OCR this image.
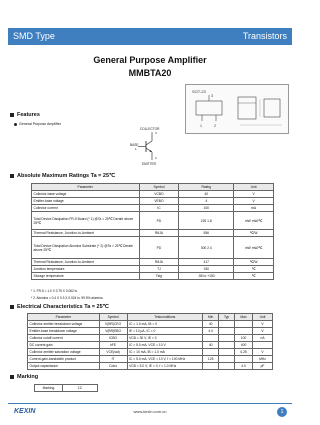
SMD Type	Transistors
General Purpose Amplifier
MMBTA20
SOT-23
1	2
3
Features
General Purpose Amplifier
COLLECTOR
3
BASE
1
2
EMITTER
Absolute Maximum Ratings Ta = 25℃
Parameter	Symbol	Rating	Unit
Collector-base voltage	VCBO	40	V
Emitter-base voltage	VEBO	4	V
Collector current	IC	100	mA
Total Device Dissipation FR-5 Board (* 1) @Ta = 25℃ Derate above 25℃	PD	225 1.8	mW mW/℃
Thermal Resistance, Junction-to-Ambient	RθJA	556	℃/W
Total Device Dissipation Alumina Substrate (* 2) @Ta = 25℃ Derate above 25℃	PD	300 2.4	mW mW/℃
Thermal Resistance, Junction-to-Ambient	RθJA	417	℃/W
Junction temperature	TJ	150	℃
Storage temperature	Tstg	-55 to +150	℃
* 1. FR-5 = 1.0 X 0.75 X 0.062 in.
* 2. Alumina = 0.4 X 0.3 X 0.024 in. 99.5% alumina
Electrical Characteristics Ta = 25℃
Parameter	Symbol	Testconditions	Min	Typ	Max	Unit
Collector-emitter breakdown voltage	V(BR)CEO	IC = 1.0 mA, IB = 0	40			V
Emitter-base breakdown voltage	V(BR)EBO	IE = 10 μA, IC = 0	4.0			V
Collector cutoff current	ICBO	VCB = 30 V, IE = 0			100	nA
DC current gain	hFE	IC = 5.0 mA, VCE = 10 V	40		400	
Collector-emitter saturation voltage	VCE(sat)	IC = 10 mA, IB = 1.0 mA			0.25	V
Current-gain-bandwidth product	fT	IC = 5.0 mA, VCE = 10 V, f = 100 MHz	125			MHz
Output capacitance	Cobo	VCB = 5.0 V, IE = 0, f = 1.0 MHz			4.0	pF
Marking
Marking	1C
KEXIN	www.kexin.com.cn	1
